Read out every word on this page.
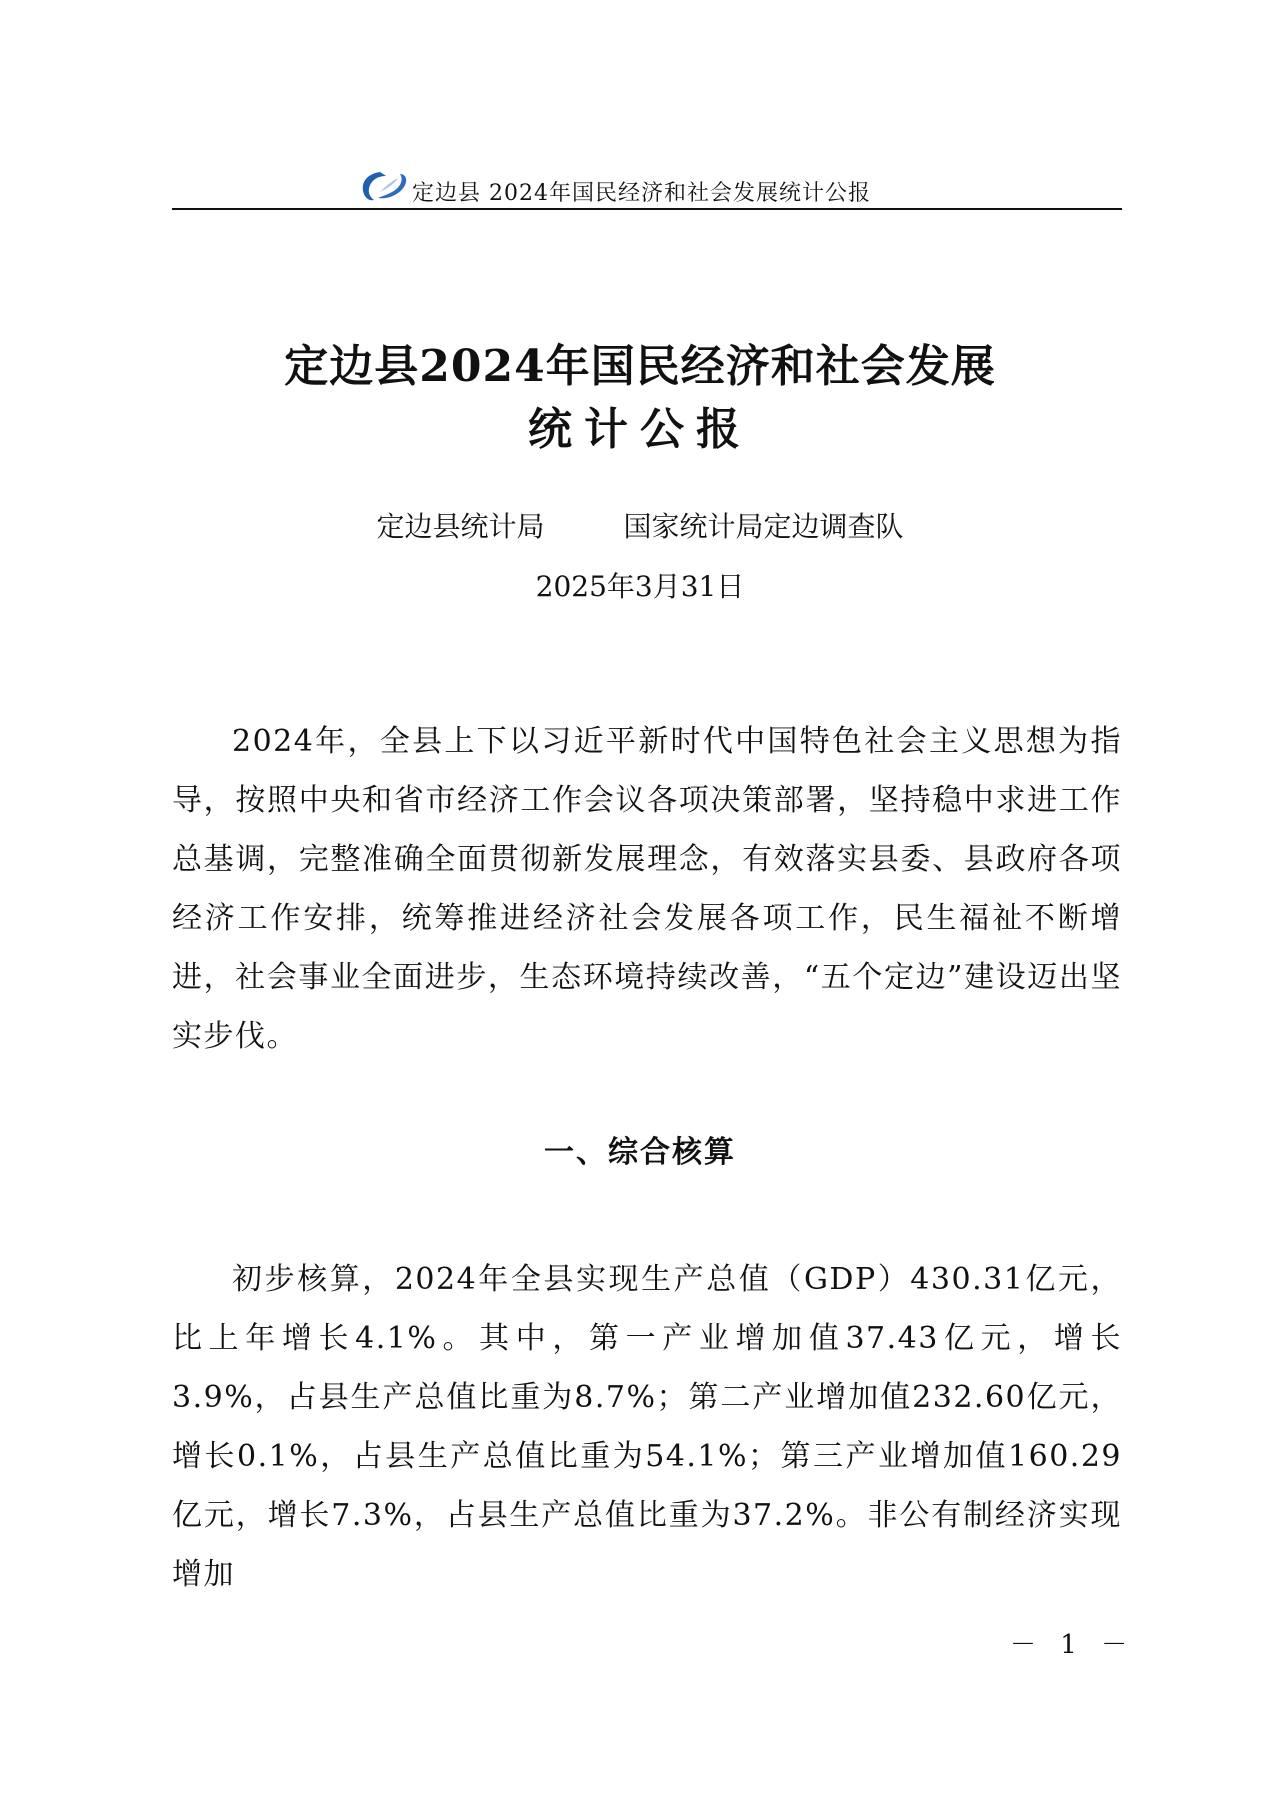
定边县 2024年国民经济和社会发展统计公报
定边县2024年国民经济和社会发展
统计公报
定边县统计局	国家统计局定边调查队
2025年3月31日

2024年，全县上下以习近平新时代中国特色社会主义思想为指导，按照中央和省市经济工作会议各项决策部署，坚持稳中求进工作总基调，完整准确全面贯彻新发展理念，有效落实县委、县政府各项经济工作安排，统筹推进经济社会发展各项工作，民生福祉不断增进，社会事业全面进步，生态环境持续改善，“五个定边”建设迈出坚实步伐。

一、综合核算

初步核算，2024年全县实现生产总值（GDP）430.31亿元，比上年增长4.1%。其中，第一产业增加值37.43亿元，增长3.9%，占县生产总值比重为8.7%；第二产业增加值232.60亿元，增长0.1%，占县生产总值比重为54.1%；第三产业增加值160.29亿元，增长7.3%，占县生产总值比重为37.2%。非公有制经济实现增加

－ 1 －
